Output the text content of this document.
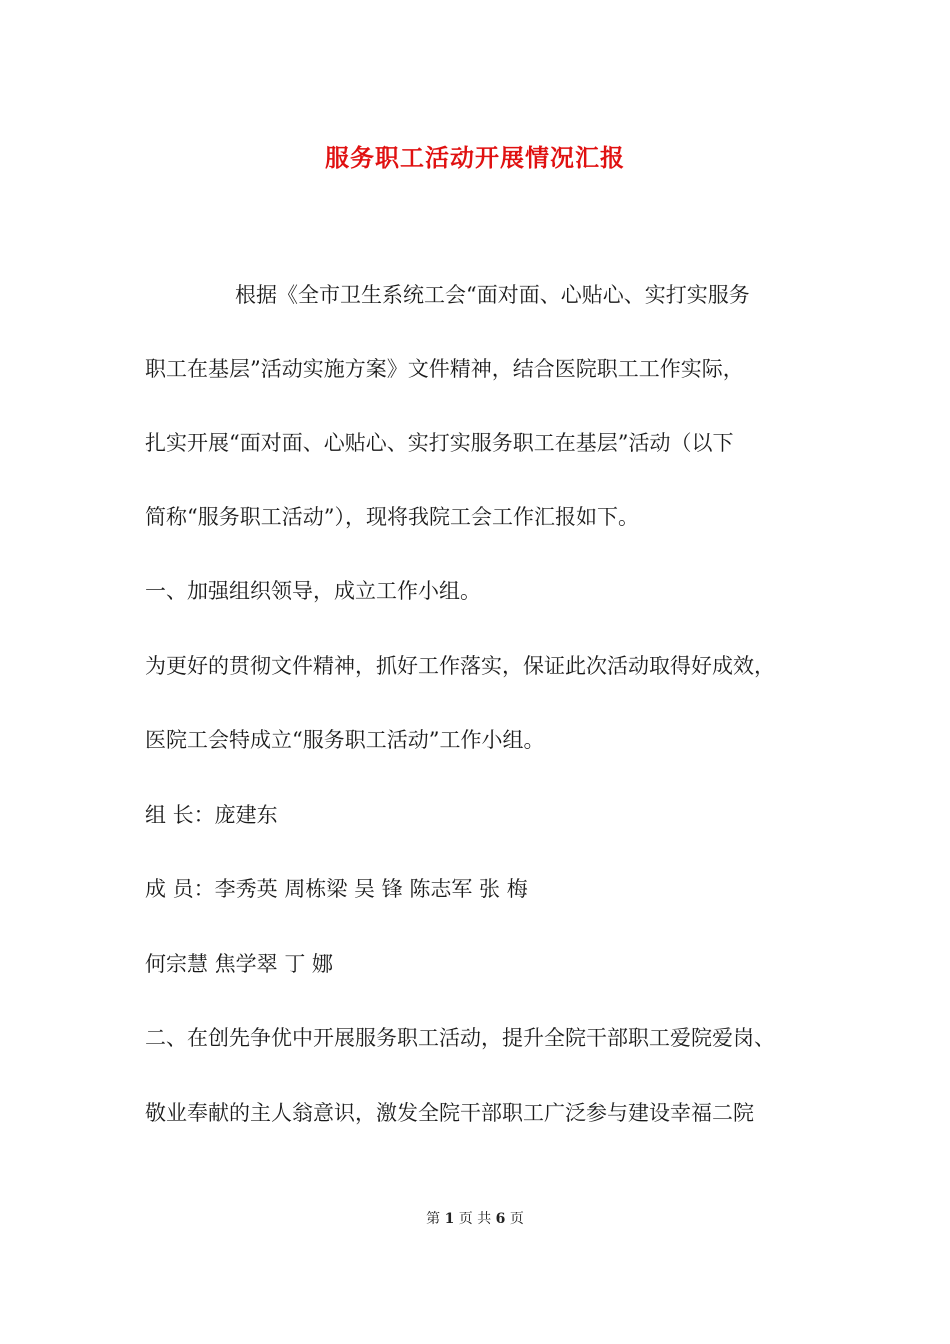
服务职工活动开展情况汇报
根据《全市卫生系统工会“面对面、心贴心、实打实服务
职工在基层”活动实施方案》文件精神，结合医院职工工作实际，
扎实开展“面对面、心贴心、实打实服务职工在基层”活动（以下
简称“服务职工活动”），现将我院工会工作汇报如下。
一、加强组织领导，成立工作小组。
为更好的贯彻文件精神，抓好工作落实，保证此次活动取得好成效，
医院工会特成立“服务职工活动”工作小组。
组 长：庞建东
成 员：李秀英 周栋梁 吴 锋 陈志军 张 梅
何宗慧 焦学翠 丁 娜
二、在创先争优中开展服务职工活动，提升全院干部职工爱院爱岗、
敬业奉献的主人翁意识，激发全院干部职工广泛参与建设幸福二院
第 1 页 共 6 页
